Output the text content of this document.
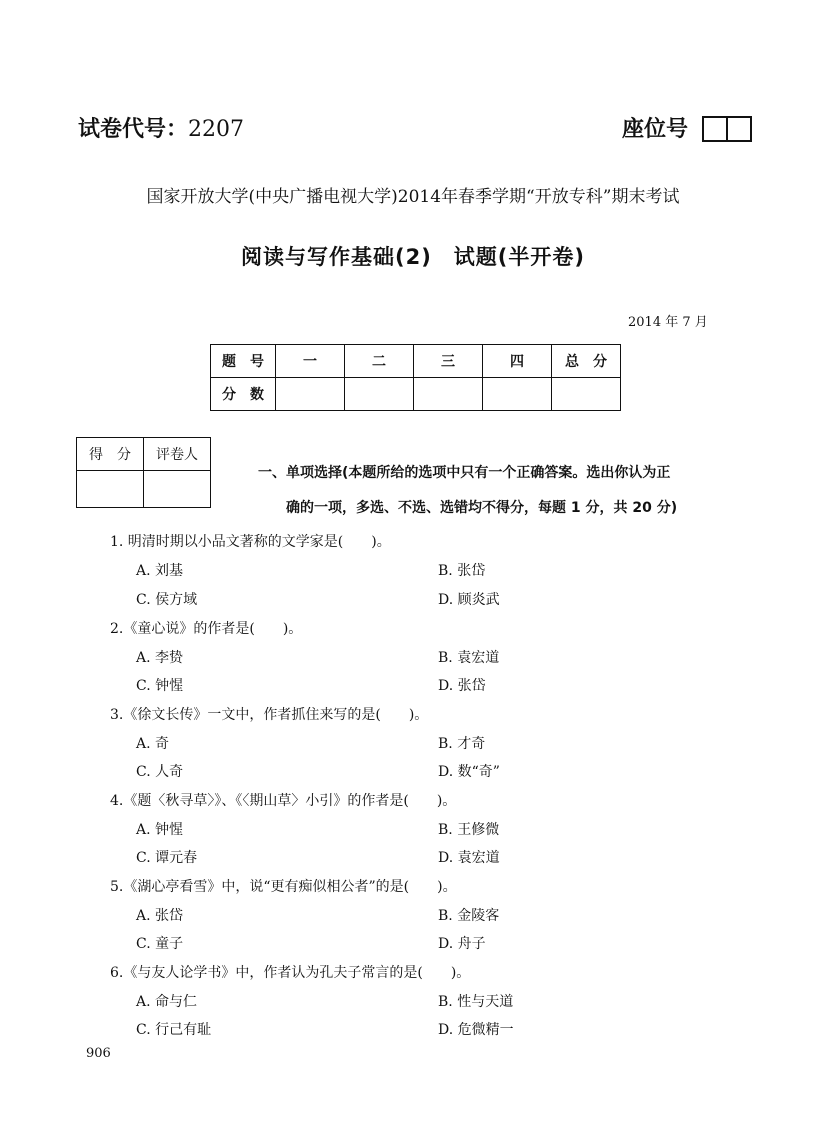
试卷代号：2207	座位号
国家开放大学(中央广播电视大学)2014年春季学期“开放专科”期末考试
阅读与写作基础(2)　试题(半开卷)
2014 年 7 月
题　号	一	二	三	四	总　分
分　数					
得　分	评卷人

一、单项选择(本题所给的选项中只有一个正确答案。选出你认为正
确的一项，多选、不选、选错均不得分，每题 1 分，共 20 分)
1. 明清时期以小品文著称的文学家是(　　)。
A. 刘基	B. 张岱
C. 侯方域	D. 顾炎武
2.《童心说》的作者是(　　)。
A. 李贽	B. 袁宏道
C. 钟惺	D. 张岱
3.《徐文长传》一文中，作者抓住来写的是(　　)。
A. 奇	B. 才奇
C. 人奇	D. 数“奇”
4.《题〈秋寻草〉》、《〈期山草〉小引》的作者是(　　)。
A. 钟惺	B. 王修微
C. 谭元春	D. 袁宏道
5.《湖心亭看雪》中，说“更有痴似相公者”的是(　　)。
A. 张岱	B. 金陵客
C. 童子	D. 舟子
6.《与友人论学书》中，作者认为孔夫子常言的是(　　)。
A. 命与仁	B. 性与天道
C. 行己有耻	D. 危微精一
906
